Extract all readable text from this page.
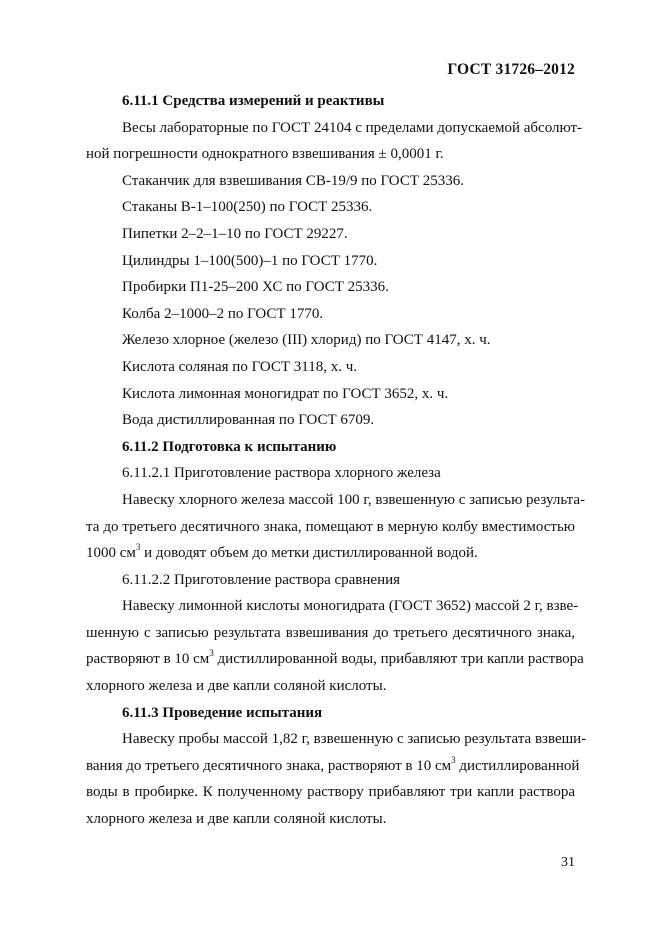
ГОСТ 31726–2012
6.11.1 Средства измерений и реактивы
Весы лабораторные по ГОСТ 24104 с пределами допускаемой абсолют-
ной погрешности однократного взвешивания ± 0,0001 г.
Стаканчик для взвешивания СВ-19/9 по ГОСТ 25336.
Стаканы В-1–100(250) по ГОСТ 25336.
Пипетки 2–2–1–10 по ГОСТ 29227.
Цилиндры 1–100(500)–1 по ГОСТ 1770.
Пробирки П1-25–200 ХС по ГОСТ 25336.
Колба 2–1000–2 по ГОСТ 1770.
Железо хлорное (железо (III) хлорид) по ГОСТ 4147, х. ч.
Кислота соляная по ГОСТ 3118, х. ч.
Кислота лимонная моногидрат по ГОСТ 3652, х. ч.
Вода дистиллированная по ГОСТ 6709.
6.11.2 Подготовка к испытанию
6.11.2.1 Приготовление раствора хлорного железа
Навеску хлорного железа массой 100 г, взвешенную с записью результа-
та до третьего десятичного знака, помещают в мерную колбу вместимостью
1000 $см^3$ и доводят объем до метки дистиллированной водой.
6.11.2.2 Приготовление раствора сравнения
Навеску лимонной кислоты моногидрата (ГОСТ 3652) массой 2 г, взве-
шенную с записью результата взвешивания до третьего десятичного знака,
растворяют в 10 $см^3$ дистиллированной воды, прибавляют три капли раствора
хлорного железа и две капли соляной кислоты.
6.11.3 Проведение испытания
Навеску пробы массой 1,82 г, взвешенную с записью результата взвеши-
вания до третьего десятичного знака, растворяют в 10 $см^3$ дистиллированной
воды в пробирке. К полученному раствору прибавляют три капли раствора
хлорного железа и две капли соляной кислоты.
31
